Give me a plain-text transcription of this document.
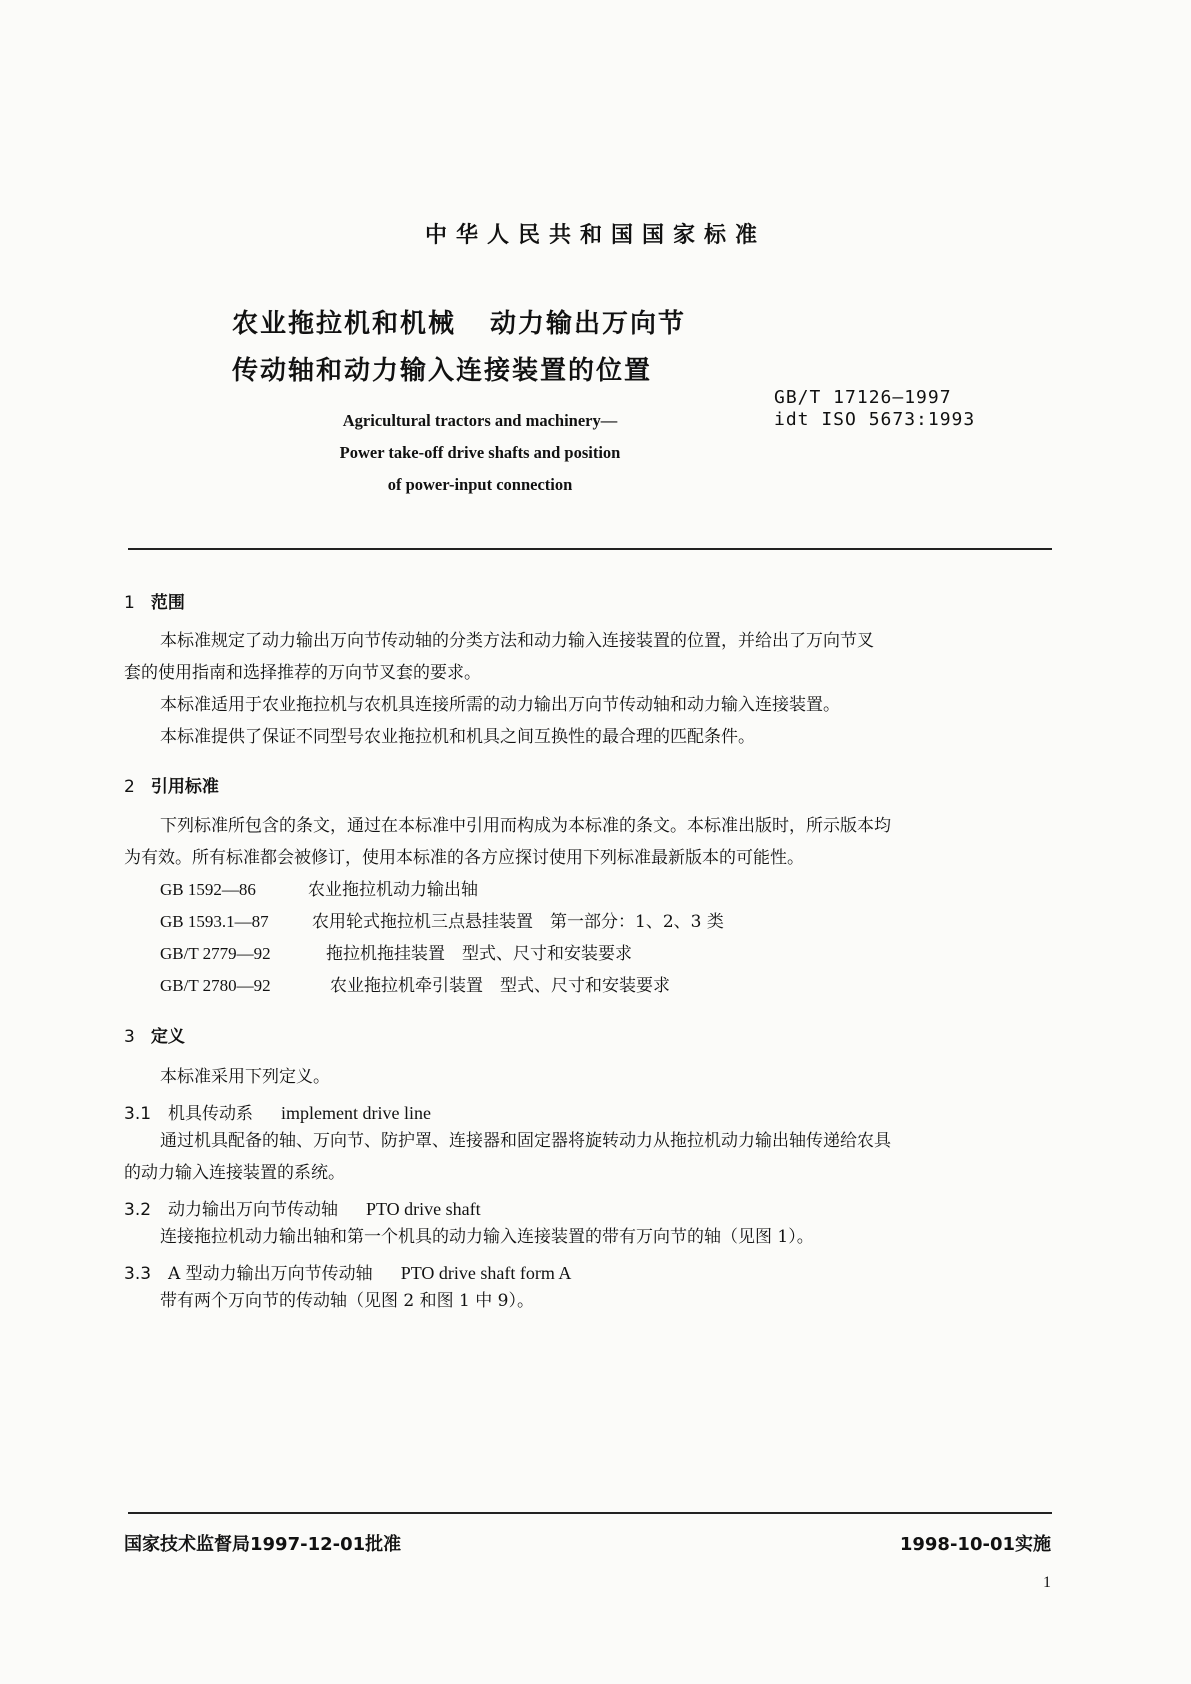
中华人民共和国国家标准
农业拖拉机和机械 动力输出万向节
传动轴和动力输入连接装置的位置
GB/T 17126—1997
idt ISO 5673:1993
Agricultural tractors and machinery—
Power take-off drive shafts and position
of power-input connection
1 范围
本标准规定了动力输出万向节传动轴的分类方法和动力输入连接装置的位置，并给出了万向节叉
套的使用指南和选择推荐的万向节叉套的要求。
本标准适用于农业拖拉机与农机具连接所需的动力输出万向节传动轴和动力输入连接装置。
本标准提供了保证不同型号农业拖拉机和机具之间互换性的最合理的匹配条件。
2 引用标准
下列标准所包含的条文，通过在本标准中引用而构成为本标准的条文。本标准出版时，所示版本均
为有效。所有标准都会被修订，使用本标准的各方应探讨使用下列标准最新版本的可能性。
GB 1592—86	农业拖拉机动力输出轴
GB 1593.1—87	农用轮式拖拉机三点悬挂装置　第一部分：1、2、3 类
GB/T 2779—92	拖拉机拖挂装置　型式、尺寸和安装要求
GB/T 2780—92	农业拖拉机牵引装置　型式、尺寸和安装要求
3 定义
本标准采用下列定义。
3.1 机具传动系 implement drive line
通过机具配备的轴、万向节、防护罩、连接器和固定器将旋转动力从拖拉机动力输出轴传递给农具
的动力输入连接装置的系统。
3.2 动力输出万向节传动轴 PTO drive shaft
连接拖拉机动力输出轴和第一个机具的动力输入连接装置的带有万向节的轴（见图 1）。
3.3 A 型动力输出万向节传动轴 PTO drive shaft form A
带有两个万向节的传动轴（见图 2 和图 1 中 9）。
国家技术监督局1997-12-01批准	1998-10-01实施
1
